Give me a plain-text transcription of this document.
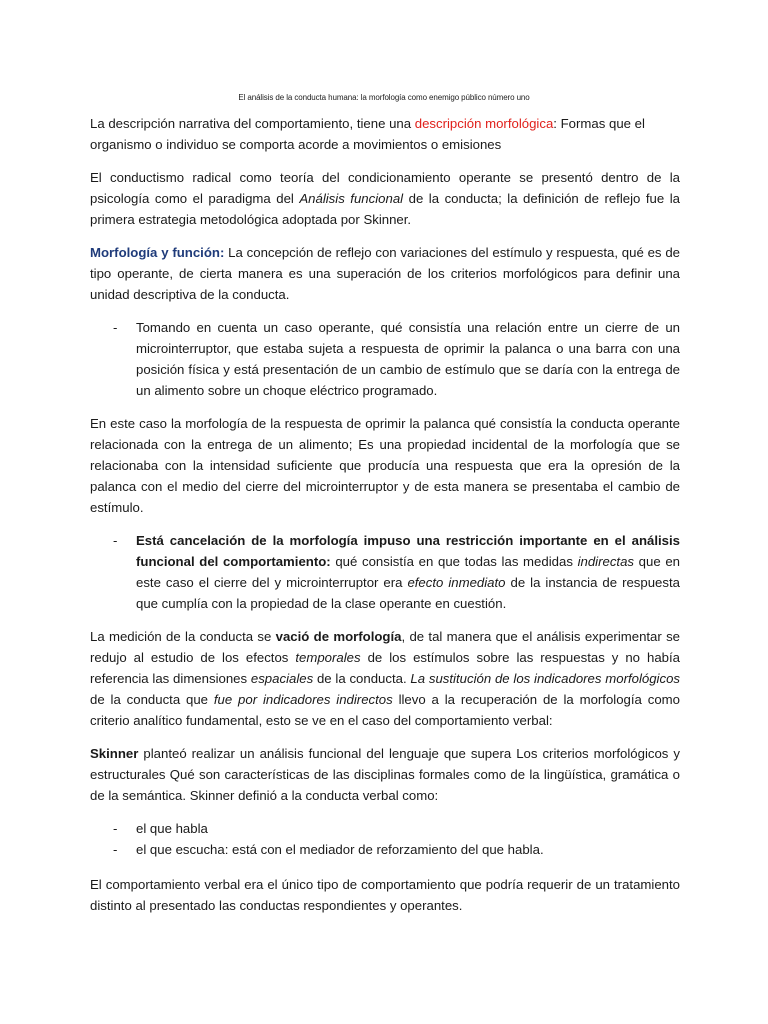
El análisis de la conducta humana: la morfología como enemigo público número uno

La descripción narrativa del comportamiento, tiene una descripción morfológica: Formas que el organismo o individuo se comporta acorde a movimientos o emisiones

El conductismo radical como teoría del condicionamiento operante se presentó dentro de la psicología como el paradigma del Análisis funcional de la conducta; la definición de reflejo fue la primera estrategia metodológica adoptada por Skinner.

Morfología y función: La concepción de reflejo con variaciones del estímulo y respuesta, qué es de tipo operante, de cierta manera es una superación de los criterios morfológicos para definir una unidad descriptiva de la conducta.

- Tomando en cuenta un caso operante, qué consistía una relación entre un cierre de un microinterruptor, que estaba sujeta a respuesta de oprimir la palanca o una barra con una posición física y está presentación de un cambio de estímulo que se daría con la entrega de un alimento sobre un choque eléctrico programado.

En este caso la morfología de la respuesta de oprimir la palanca qué consistía la conducta operante relacionada con la entrega de un alimento; Es una propiedad incidental de la morfología que se relacionaba con la intensidad suficiente que producía una respuesta que era la opresión de la palanca con el medio del cierre del microinterruptor y de esta manera se presentaba el cambio de estímulo.

- Está cancelación de la morfología impuso una restricción importante en el análisis funcional del comportamiento: qué consistía en que todas las medidas indirectas que en este caso el cierre del y microinterruptor era efecto inmediato de la instancia de respuesta que cumplía con la propiedad de la clase operante en cuestión.

La medición de la conducta se vació de morfología, de tal manera que el análisis experimentar se redujo al estudio de los efectos temporales de los estímulos sobre las respuestas y no había referencia las dimensiones espaciales de la conducta. La sustitución de los indicadores morfológicos de la conducta que fue por indicadores indirectos llevo a la recuperación de la morfología como criterio analítico fundamental, esto se ve en el caso del comportamiento verbal:

Skinner planteó realizar un análisis funcional del lenguaje que supera Los criterios morfológicos y estructurales Qué son características de las disciplinas formales como de la lingüística, gramática o de la semántica. Skinner definió a la conducta verbal como:

- el que habla
- el que escucha: está con el mediador de reforzamiento del que habla.

El comportamiento verbal era el único tipo de comportamiento que podría requerir de un tratamiento distinto al presentado las conductas respondientes y operantes.
